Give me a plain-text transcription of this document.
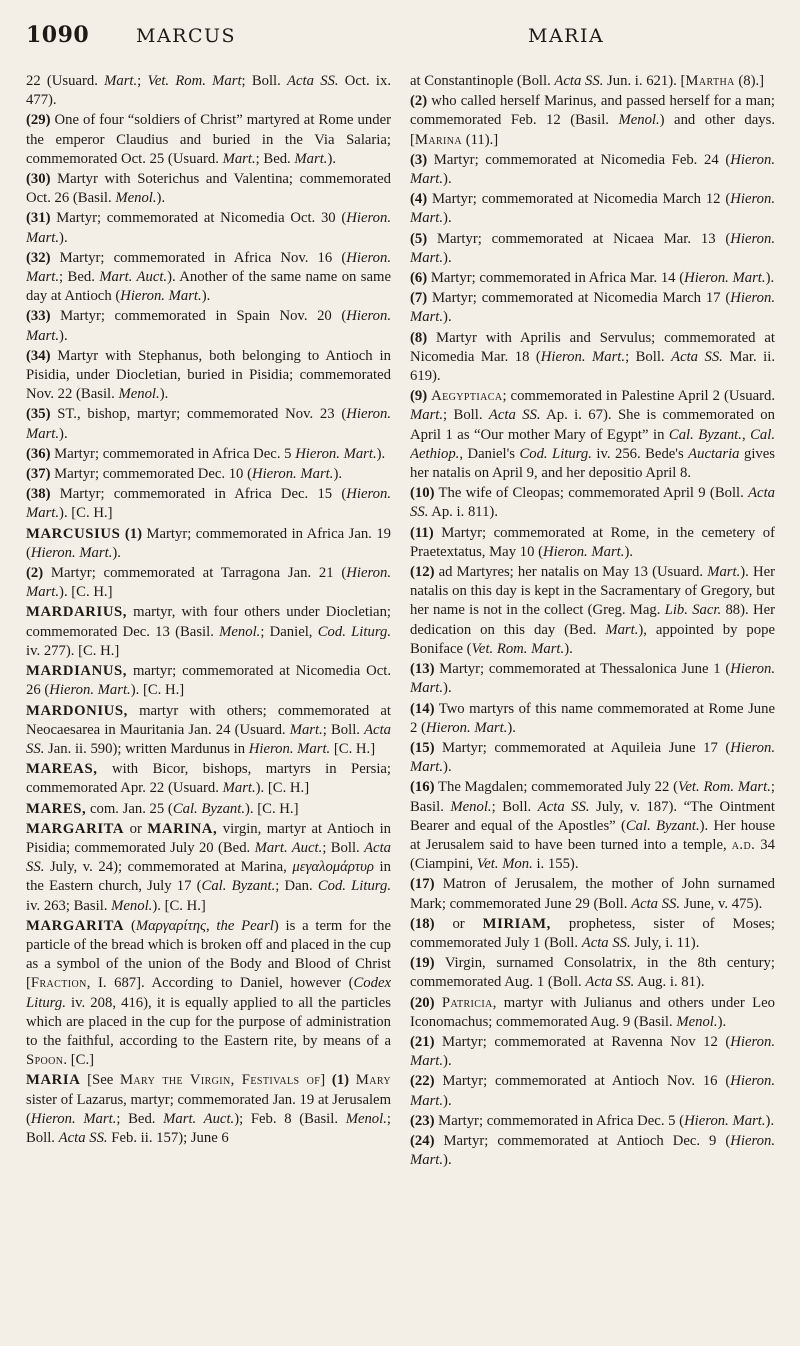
1090 MARCUS	MARIA

22 (Usuard. Mart.; Vet. Rom. Mart; Boll. Acta SS. Oct. ix. 477).

(29) One of four “soldiers of Christ” martyred at Rome under the emperor Claudius and buried in the Via Salaria; commemorated Oct. 25 (Usuard. Mart.; Bed. Mart.).

(30) Martyr with Soterichus and Valentina; commemorated Oct. 26 (Basil. Menol.).

(31) Martyr; commemorated at Nicomedia Oct. 30 (Hieron. Mart.).

(32) Martyr; commemorated in Africa Nov. 16 (Hieron. Mart.; Bed. Mart. Auct.). Another of the same name on same day at Antioch (Hieron. Mart.).

(33) Martyr; commemorated in Spain Nov. 20 (Hieron. Mart.).

(34) Martyr with Stephanus, both belonging to Antioch in Pisidia, under Diocletian, buried in Pisidia; commemorated Nov. 22 (Basil. Menol.).

(35) ST., bishop, martyr; commemorated Nov. 23 (Hieron. Mart.).

(36) Martyr; commemorated in Africa Dec. 5 Hieron. Mart.).

(37) Martyr; commemorated Dec. 10 (Hieron. Mart.).

(38) Martyr; commemorated in Africa Dec. 15 (Hieron. Mart.). [C. H.]

MARCUSIUS (1) Martyr; commemorated in Africa Jan. 19 (Hieron. Mart.).

(2) Martyr; commemorated at Tarragona Jan. 21 (Hieron. Mart.). [C. H.]

MARDARIUS, martyr, with four others under Diocletian; commemorated Dec. 13 (Basil. Menol.; Daniel, Cod. Liturg. iv. 277). [C. H.]

MARDIANUS, martyr; commemorated at Nicomedia Oct. 26 (Hieron. Mart.). [C. H.]

MARDONIUS, martyr with others; commemorated at Neocaesarea in Mauritania Jan. 24 (Usuard. Mart.; Boll. Acta SS. Jan. ii. 590); written Mardunus in Hieron. Mart. [C. H.]

MAREAS, with Bicor, bishops, martyrs in Persia; commemorated Apr. 22 (Usuard. Mart.). [C. H.]

MARES, com. Jan. 25 (Cal. Byzant.). [C. H.]

MARGARITA or MARINA, virgin, martyr at Antioch in Pisidia; commemorated July 20 (Bed. Mart. Auct.; Boll. Acta SS. July, v. 24); commemorated at Marina, μεγαλομάρτυρ in the Eastern church, July 17 (Cal. Byzant.; Dan. Cod. Liturg. iv. 263; Basil. Menol.). [C. H.]

MARGARITA (Μαργαρίτης, the Pearl) is a term for the particle of the bread which is broken off and placed in the cup as a symbol of the union of the Body and Blood of Christ [Fraction, I. 687]. According to Daniel, however (Codex Liturg. iv. 208, 416), it is equally applied to all the particles which are placed in the cup for the purpose of administration to the faithful, according to the Eastern rite, by means of a Spoon. [C.]

MARIA [See Mary the Virgin, Festivals of] (1) Mary sister of Lazarus, martyr; commemorated Jan. 19 at Jerusalem (Hieron. Mart.; Bed. Mart. Auct.); Feb. 8 (Basil. Menol.; Boll. Acta SS. Feb. ii. 157); June 6

at Constantinople (Boll. Acta SS. Jun. i. 621). [Martha (8).]

(2) who called herself Marinus, and passed herself for a man; commemorated Feb. 12 (Basil. Menol.) and other days. [Marina (11).]

(3) Martyr; commemorated at Nicomedia Feb. 24 (Hieron. Mart.).

(4) Martyr; commemorated at Nicomedia March 12 (Hieron. Mart.).

(5) Martyr; commemorated at Nicaea Mar. 13 (Hieron. Mart.).

(6) Martyr; commemorated in Africa Mar. 14 (Hieron. Mart.).

(7) Martyr; commemorated at Nicomedia March 17 (Hieron. Mart.).

(8) Martyr with Aprilis and Servulus; commemorated at Nicomedia Mar. 18 (Hieron. Mart.; Boll. Acta SS. Mar. ii. 619).

(9) Aegyptiaca; commemorated in Palestine April 2 (Usuard. Mart.; Boll. Acta SS. Ap. i. 67). She is commemorated on April 1 as “Our mother Mary of Egypt” in Cal. Byzant., Cal. Aethiop., Daniel's Cod. Liturg. iv. 256. Bede's Auctaria gives her natalis on April 9, and her depositio April 8.

(10) The wife of Cleopas; commemorated April 9 (Boll. Acta SS. Ap. i. 811).

(11) Martyr; commemorated at Rome, in the cemetery of Praetextatus, May 10 (Hieron. Mart.).

(12) ad Martyres; her natalis on May 13 (Usuard. Mart.). Her natalis on this day is kept in the Sacramentary of Gregory, but her name is not in the collect (Greg. Mag. Lib. Sacr. 88). Her dedication on this day (Bed. Mart.), appointed by pope Boniface (Vet. Rom. Mart.).

(13) Martyr; commemorated at Thessalonica June 1 (Hieron. Mart.).

(14) Two martyrs of this name commemorated at Rome June 2 (Hieron. Mart.).

(15) Martyr; commemorated at Aquileia June 17 (Hieron. Mart.).

(16) The Magdalen; commemorated July 22 (Vet. Rom. Mart.; Basil. Menol.; Boll. Acta SS. July, v. 187). “The Ointment Bearer and equal of the Apostles” (Cal. Byzant.). Her house at Jerusalem said to have been turned into a temple, a.d. 34 (Ciampini, Vet. Mon. i. 155).

(17) Matron of Jerusalem, the mother of John surnamed Mark; commemorated June 29 (Boll. Acta SS. June, v. 475).

(18) or MIRIAM, prophetess, sister of Moses; commemorated July 1 (Boll. Acta SS. July, i. 11).

(19) Virgin, surnamed Consolatrix, in the 8th century; commemorated Aug. 1 (Boll. Acta SS. Aug. i. 81).

(20) Patricia, martyr with Julianus and others under Leo Iconomachus; commemorated Aug. 9 (Basil. Menol.).

(21) Martyr; commemorated at Ravenna Nov 12 (Hieron. Mart.).

(22) Martyr; commemorated at Antioch Nov. 16 (Hieron. Mart.).

(23) Martyr; commemorated in Africa Dec. 5 (Hieron. Mart.).

(24) Martyr; commemorated at Antioch Dec. 9 (Hieron. Mart.).
